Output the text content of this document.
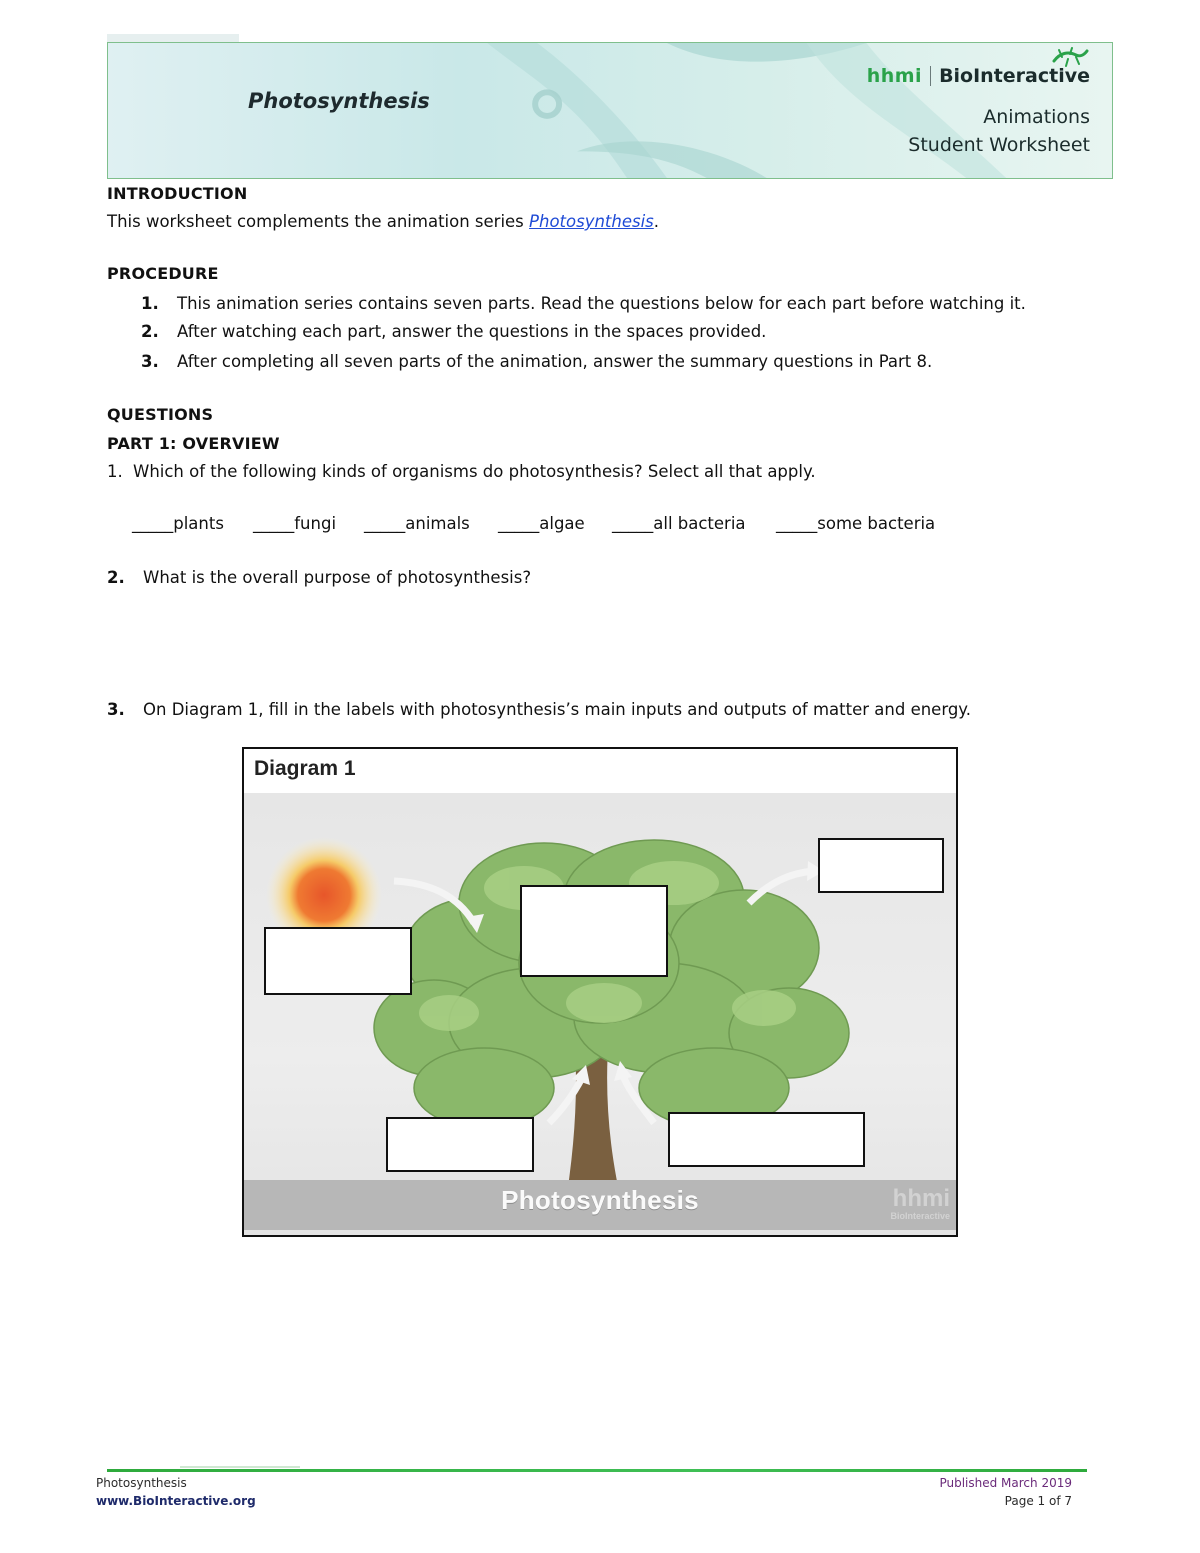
Photosynthesis
hhmi BioInteractive
Animations
Student Worksheet
INTRODUCTION
This worksheet complements the animation series Photosynthesis.
PROCEDURE
1. This animation series contains seven parts. Read the questions below for each part before watching it.
2. After watching each part, answer the questions in the spaces provided.
3. After completing all seven parts of the animation, answer the summary questions in Part 8.
QUESTIONS
PART 1: OVERVIEW
1. Which of the following kinds of organisms do photosynthesis? Select all that apply.
_____plants _____fungi _____animals _____algae _____all bacteria _____some bacteria
2. What is the overall purpose of photosynthesis?
3. On Diagram 1, fill in the labels with photosynthesis’s main inputs and outputs of matter and energy.
Diagram 1
Photosynthesis	hhmi
BioInteractive
Photosynthesis
www.BioInteractive.org
Published March 2019
Page 1 of 7
